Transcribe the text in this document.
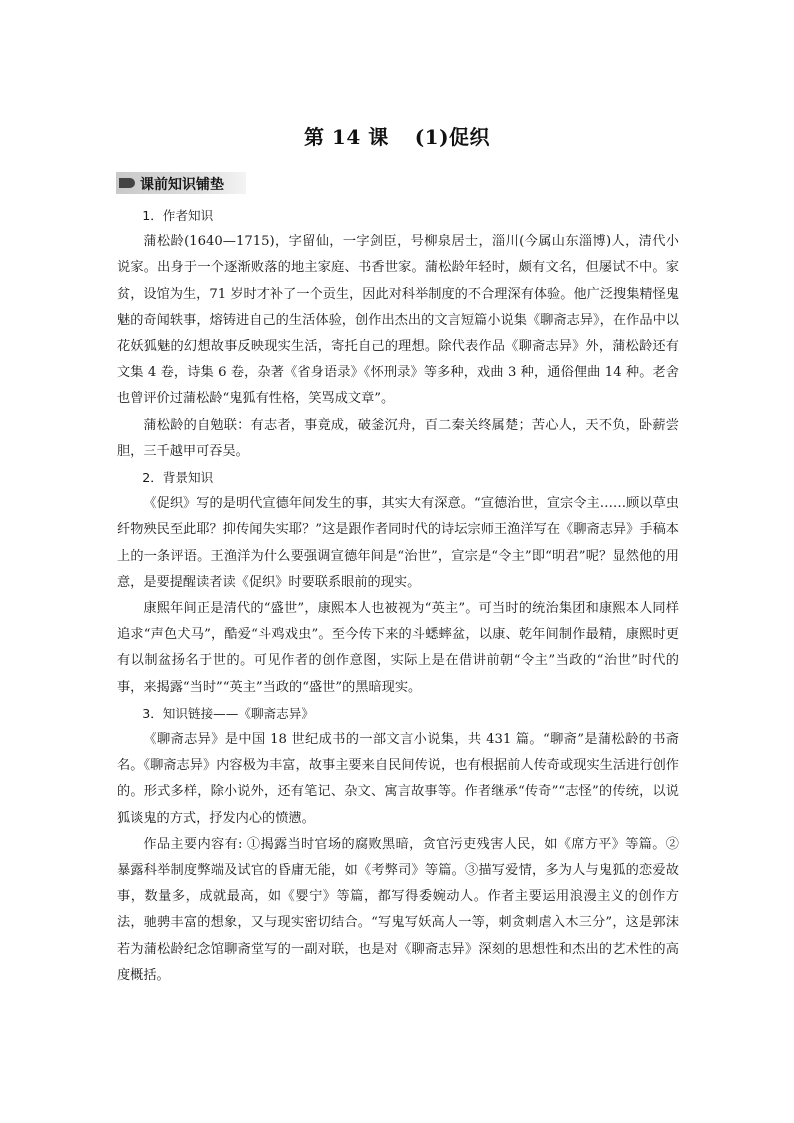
第 14 课 (1)促织
课前知识铺垫

1．作者知识

蒲松龄(1640—1715)，字留仙，一字剑臣，号柳泉居士，淄川(今属山东淄博)人，清代小说家。出身于一个逐渐败落的地主家庭、书香世家。蒲松龄年轻时，颇有文名，但屡试不中。家贫，设馆为生，71 岁时才补了一个贡生，因此对科举制度的不合理深有体验。他广泛搜集精怪鬼魅的奇闻轶事，熔铸进自己的生活体验，创作出杰出的文言短篇小说集《聊斋志异》，在作品中以花妖狐魅的幻想故事反映现实生活，寄托自己的理想。除代表作品《聊斋志异》外，蒲松龄还有文集 4 卷，诗集 6 卷，杂著《省身语录》《怀刑录》等多种，戏曲 3 种，通俗俚曲 14 种。老舍也曾评价过蒲松龄“鬼狐有性格，笑骂成文章”。

蒲松龄的自勉联：有志者，事竟成，破釜沉舟，百二秦关终属楚；苦心人，天不负，卧薪尝胆，三千越甲可吞吴。

2．背景知识

《促织》写的是明代宣德年间发生的事，其实大有深意。“宣德治世，宣宗令主……顾以草虫纤物殃民至此耶？抑传闻失实耶？”这是跟作者同时代的诗坛宗师王渔洋写在《聊斋志异》手稿本上的一条评语。王渔洋为什么要强调宣德年间是“治世”，宣宗是“令主”即“明君”呢？显然他的用意，是要提醒读者读《促织》时要联系眼前的现实。

康熙年间正是清代的“盛世”，康熙本人也被视为“英主”。可当时的统治集团和康熙本人同样追求“声色犬马”，酷爱“斗鸡戏虫”。至今传下来的斗蟋蟀盆，以康、乾年间制作最精，康熙时更有以制盆扬名于世的。可见作者的创作意图，实际上是在借讲前朝“令主”当政的“治世”时代的事，来揭露“当时”“英主”当政的“盛世”的黑暗现实。

3．知识链接——《聊斋志异》

《聊斋志异》是中国 18 世纪成书的一部文言小说集，共 431 篇。“聊斋”是蒲松龄的书斋名。《聊斋志异》内容极为丰富，故事主要来自民间传说，也有根据前人传奇或现实生活进行创作的。形式多样，除小说外，还有笔记、杂文、寓言故事等。作者继承“传奇”“志怪”的传统，以说狐谈鬼的方式，抒发内心的愤懑。

作品主要内容有: ①揭露当时官场的腐败黑暗，贪官污吏残害人民，如《席方平》等篇。②暴露科举制度弊端及试官的昏庸无能，如《考弊司》等篇。③描写爱情，多为人与鬼狐的恋爱故事，数量多，成就最高，如《婴宁》等篇，都写得委婉动人。作者主要运用浪漫主义的创作方法，驰骋丰富的想象，又与现实密切结合。“写鬼写妖高人一等，刺贪刺虐入木三分”，这是郭沫若为蒲松龄纪念馆聊斋堂写的一副对联，也是对《聊斋志异》深刻的思想性和杰出的艺术性的高度概括。
